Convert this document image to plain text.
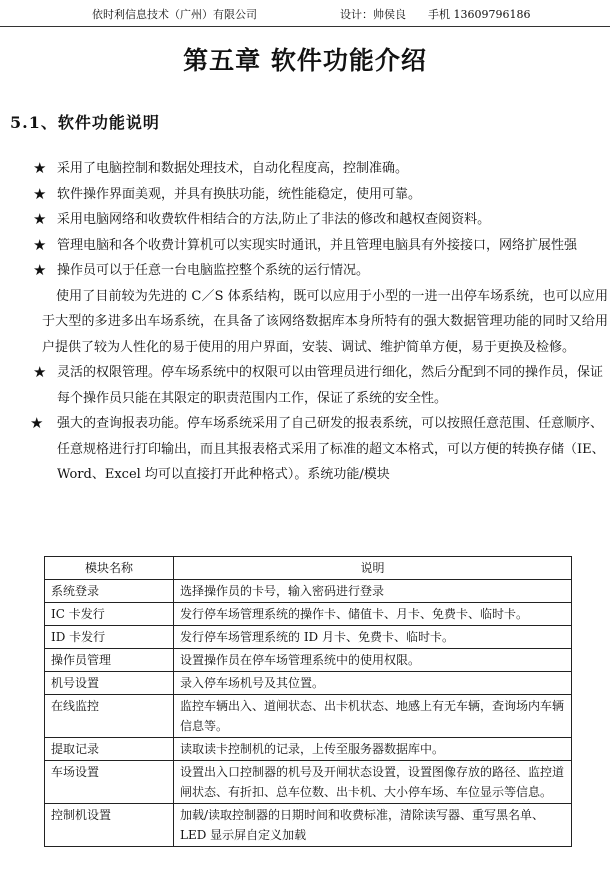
依时利信息技术（广州）有限公司	设计：帅侯良 手机 13609796186
第五章 软件功能介绍
5.1、软件功能说明

★ 采用了电脑控制和数据处理技术，自动化程度高，控制准确。

★ 软件操作界面美观，并具有换肤功能，统性能稳定，使用可靠。

★ 采用电脑网络和收费软件相结合的方法,防止了非法的修改和越权查阅资料。

★ 管理电脑和各个收费计算机可以实现实时通讯，并且管理电脑具有外接接口，网络扩展性强

★ 操作员可以于任意一台电脑监控整个系统的运行情况。

使用了目前较为先进的 C／S 体系结构，既可以应用于小型的一进一出停车场系统，也可以应用于大型的多进多出车场系统，在具备了该网络数据库本身所特有的强大数据管理功能的同时又给用户提供了较为人性化的易于使用的用户界面，安装、调试、维护简单方便，易于更换及检修。

★ 灵活的权限管理。停车场系统中的权限可以由管理员进行细化，然后分配到不同的操作员，保证每个操作员只能在其限定的职责范围内工作，保证了系统的安全性。

★ 强大的查询报表功能。停车场系统采用了自己研发的报表系统，可以按照任意范围、任意顺序、任意规格进行打印输出，而且其报表格式采用了标准的超文本格式，可以方便的转换存储（IE、Word、Excel 均可以直接打开此种格式）。系统功能/模块

模块名称	说明
系统登录	选择操作员的卡号，输入密码进行登录
IC 卡发行	发行停车场管理系统的操作卡、储值卡、月卡、免费卡、临时卡。
ID 卡发行	发行停车场管理系统的 ID 月卡、免费卡、临时卡。
操作员管理	设置操作员在停车场管理系统中的使用权限。
机号设置	录入停车场机号及其位置。
在线监控	监控车辆出入、道闸状态、出卡机状态、地感上有无车辆，查询场内车辆信息等。
提取记录	读取读卡控制机的记录，上传至服务器数据库中。
车场设置	设置出入口控制器的机号及开闸状态设置，设置图像存放的路径、监控道闸状态、有折扣、总车位数、出卡机、大小停车场、车位显示等信息。
控制机设置	加载/读取控制器的日期时间和收费标准，清除读写器、重写黑名单、LED 显示屏自定义加载
